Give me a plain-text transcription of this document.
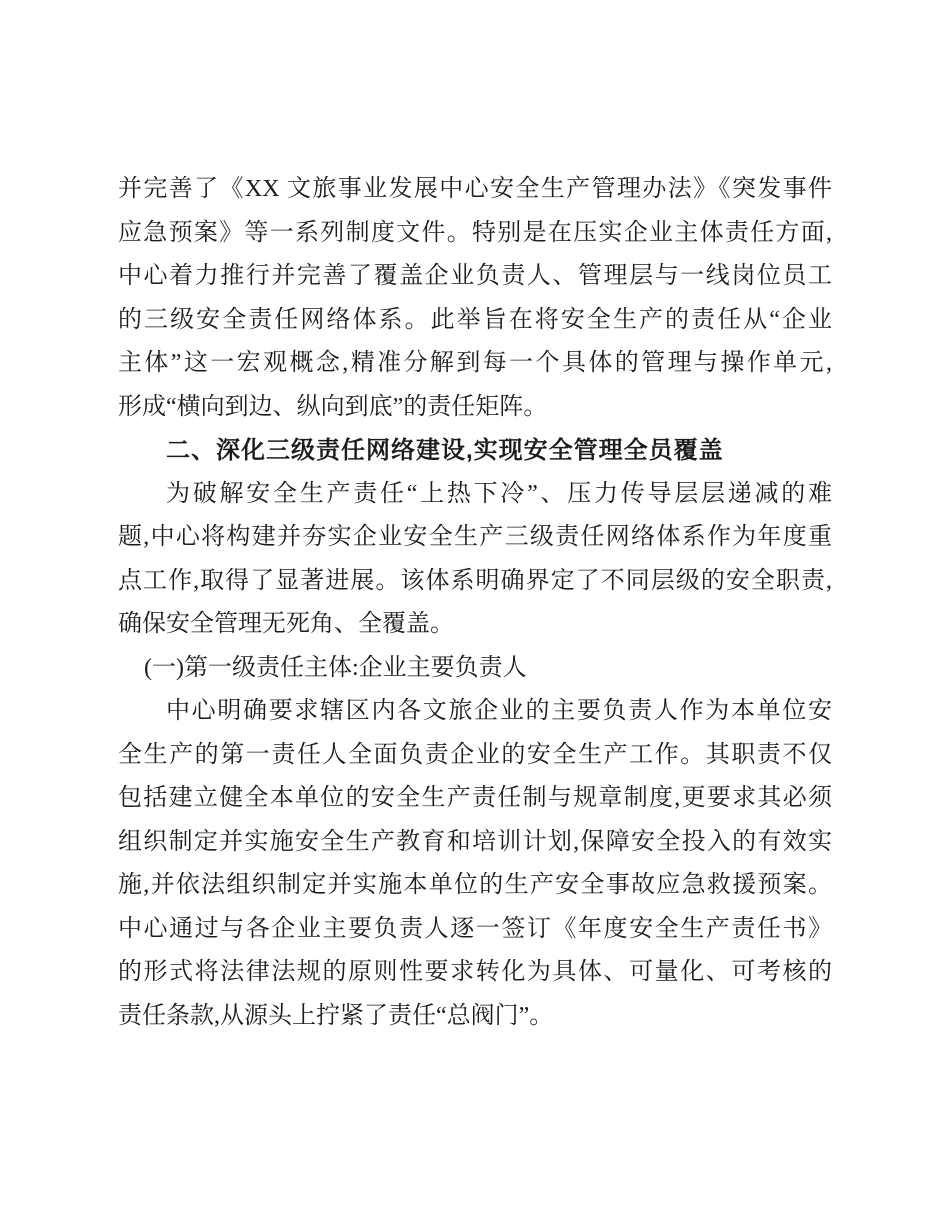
并完善了《XX 文旅事业发展中心安全生产管理办法》《突发事件
应急预案》等一系列制度文件。特别是在压实企业主体责任方面,
中心着力推行并完善了覆盖企业负责人、管理层与一线岗位员工
的三级安全责任网络体系。此举旨在将安全生产的责任从“企业
主体”这一宏观概念,精准分解到每一个具体的管理与操作单元,
形成“横向到边、纵向到底”的责任矩阵。
二、深化三级责任网络建设,实现安全管理全员覆盖
为破解安全生产责任“上热下冷”、压力传导层层递减的难
题,中心将构建并夯实企业安全生产三级责任网络体系作为年度重
点工作,取得了显著进展。该体系明确界定了不同层级的安全职责,
确保安全管理无死角、全覆盖。
(一)第一级责任主体:企业主要负责人
中心明确要求辖区内各文旅企业的主要负责人作为本单位安
全生产的第一责任人全面负责企业的安全生产工作。其职责不仅
包括建立健全本单位的安全生产责任制与规章制度,更要求其必须
组织制定并实施安全生产教育和培训计划,保障安全投入的有效实
施,并依法组织制定并实施本单位的生产安全事故应急救援预案。
中心通过与各企业主要负责人逐一签订《年度安全生产责任书》
的形式将法律法规的原则性要求转化为具体、可量化、可考核的
责任条款,从源头上拧紧了责任“总阀门”。
